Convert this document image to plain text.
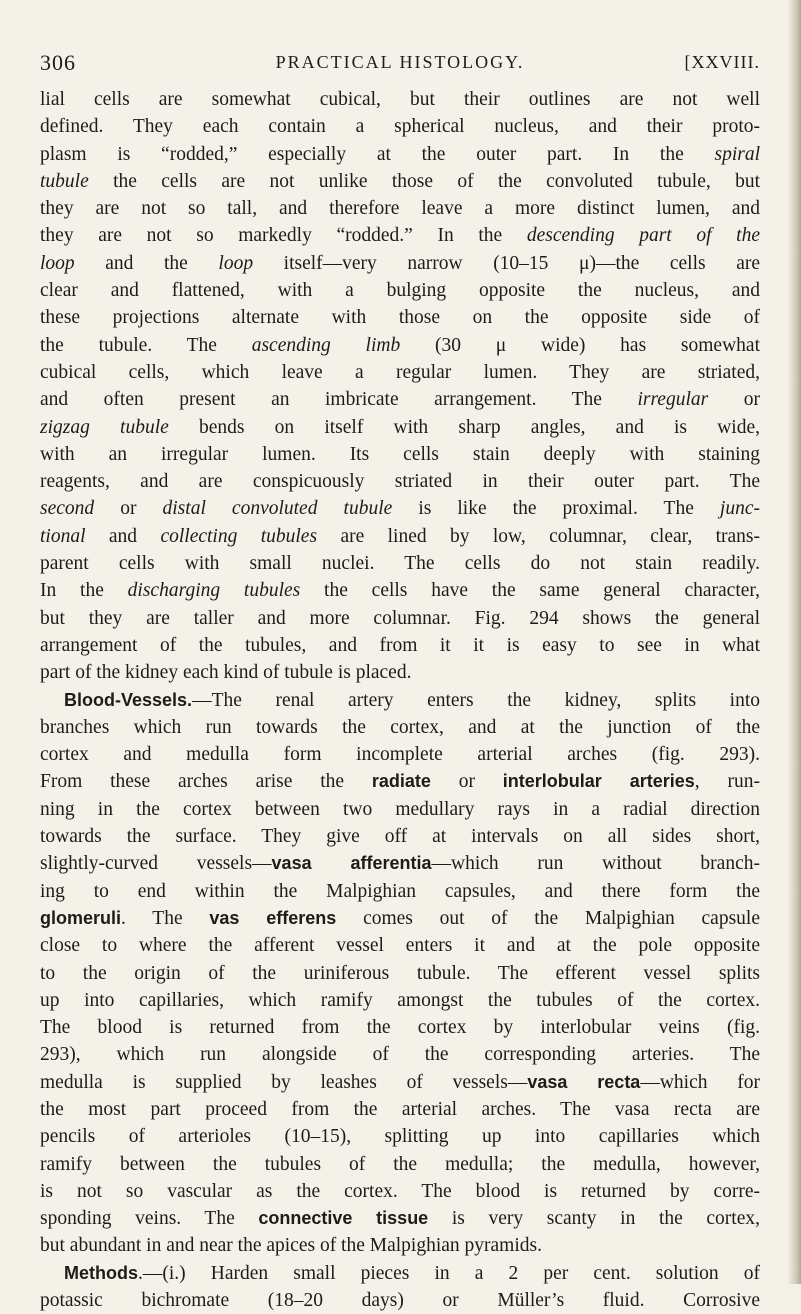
306	PRACTICAL HISTOLOGY.	[XXVIII.
lial cells are somewhat cubical, but their outlines are not well
defined. They each contain a spherical nucleus, and their proto-
plasm is “rodded,” especially at the outer part. In the spiral
tubule the cells are not unlike those of the convoluted tubule, but
they are not so tall, and therefore leave a more distinct lumen, and
they are not so markedly “rodded.” In the descending part of the
loop and the loop itself—very narrow (10–15 μ)—the cells are
clear and flattened, with a bulging opposite the nucleus, and
these projections alternate with those on the opposite side of
the tubule. The ascending limb (30 μ wide) has somewhat
cubical cells, which leave a regular lumen. They are striated,
and often present an imbricate arrangement. The irregular or
zigzag tubule bends on itself with sharp angles, and is wide,
with an irregular lumen. Its cells stain deeply with staining
reagents, and are conspicuously striated in their outer part. The
second or distal convoluted tubule is like the proximal. The junc-
tional and collecting tubules are lined by low, columnar, clear, trans-
parent cells with small nuclei. The cells do not stain readily.
In the discharging tubules the cells have the same general character,
but they are taller and more columnar. Fig. 294 shows the general
arrangement of the tubules, and from it it is easy to see in what
part of the kidney each kind of tubule is placed.
Blood-Vessels.—The renal artery enters the kidney, splits into
branches which run towards the cortex, and at the junction of the
cortex and medulla form incomplete arterial arches (fig. 293).
From these arches arise the radiate or interlobular arteries, run-
ning in the cortex between two medullary rays in a radial direction
towards the surface. They give off at intervals on all sides short,
slightly-curved vessels—vasa afferentia—which run without branch-
ing to end within the Malpighian capsules, and there form the
glomeruli. The vas efferens comes out of the Malpighian capsule
close to where the afferent vessel enters it and at the pole opposite
to the origin of the uriniferous tubule. The efferent vessel splits
up into capillaries, which ramify amongst the tubules of the cortex.
The blood is returned from the cortex by interlobular veins (fig.
293), which run alongside of the corresponding arteries. The
medulla is supplied by leashes of vessels—vasa recta—which for
the most part proceed from the arterial arches. The vasa recta are
pencils of arterioles (10–15), splitting up into capillaries which
ramify between the tubules of the medulla; the medulla, however,
is not so vascular as the cortex. The blood is returned by corre-
sponding veins. The connective tissue is very scanty in the cortex,
but abundant in and near the apices of the Malpighian pyramids.
Methods.—(i.) Harden small pieces in a 2 per cent. solution of
potassic bichromate (18–20 days) or Müller’s fluid. Corrosive
